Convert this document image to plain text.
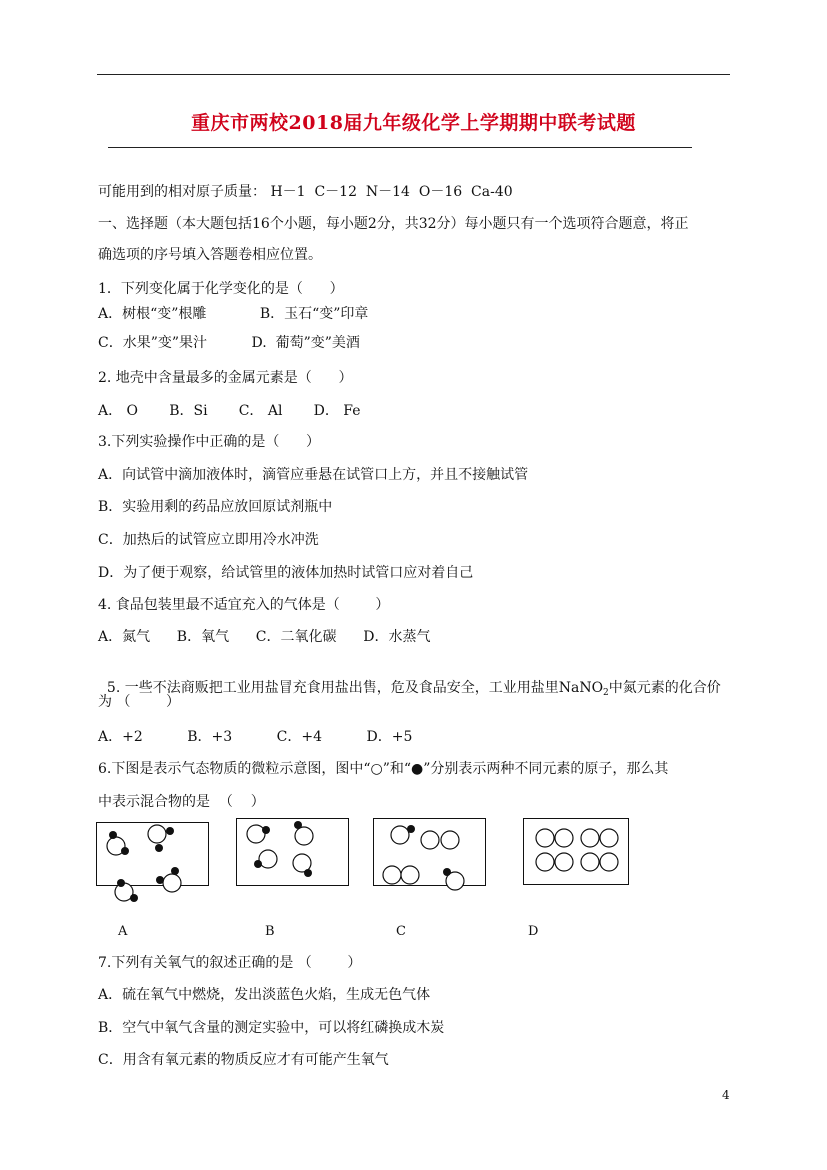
重庆市两校2018届九年级化学上学期期中联考试题
可能用到的相对原子质量： H－1  C－12  N－14  O－16  Ca-40
一、选择题（本大题包括16个小题，每小题2分，共32分）每小题只有一个选项符合题意，将正
确选项的序号填入答题卷相应位置。
1．下列变化属于化学变化的是（      ）
A．树根“变”根雕            B．玉石“变”印章
C．水果”变”果汁          D.  葡萄”变”美酒
2. 地壳中含量最多的金属元素是（      ）
A． O       B．Si       C． Al       D． Fe
3.下列实验操作中正确的是（      ）
A．向试管中滴加液体时，滴管应垂悬在试管口上方，并且不接触试管
B．实验用剩的药品应放回原试剂瓶中
C．加热后的试管应立即用冷水冲洗
D．为了便于观察，给试管里的液体加热时试管口应对着自己
4. 食品包装里最不适宜充入的气体是（        ）
A．氮气      B．氧气      C．二氧化碳      D．水蒸气

5. 一些不法商贩把工业用盐冒充食用盐出售，危及食品安全，工业用盐里NaNO$_2$中氮元素的化合价

为 （        ）
A．+2          B．+3          C．+4          D．+5
6.下图是表示气态物质的微粒示意图，图中“○”和“●”分别表示两种不同元素的原子，那么其
中表示混合物的是  （    ）
A	B	C	D
7.下列有关氧气的叙述正确的是 （        ）
A．硫在氧气中燃烧，发出淡蓝色火焰，生成无色气体
B．空气中氧气含量的测定实验中，可以将红磷换成木炭
C．用含有氧元素的物质反应才有可能产生氧气
4
